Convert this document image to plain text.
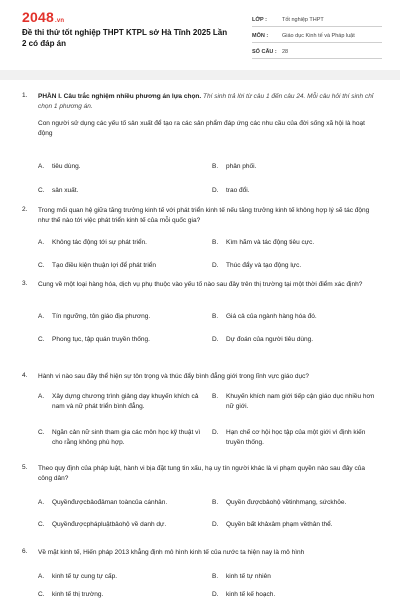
2048.vn
Đề thi thử tốt nghiệp THPT KTPL sở Hà Tĩnh 2025 Lần 2 có đáp án
LỚP :	Tốt nghiệp THPT
MÔN :	Giáo dục Kinh tế và Pháp luật
SỐ CÂU : 28
1. PHẦN I. Câu trắc nghiệm nhiều phương án lựa chọn. Thí sinh trả lời từ câu 1 đến câu 24. Mỗi câu hỏi thí sinh chỉ chọn 1 phương án.
Con người sử dụng các yếu tố sản xuất để tạo ra các sản phẩm đáp ứng các nhu cầu của đời sống xã hội là hoạt động
A. tiêu dùng.	B. phân phối.
C. sản xuất.	D. trao đổi.
2. Trong mối quan hệ giữa tăng trưởng kinh tế với phát triển kinh tế nếu tăng trưởng kinh tế không hợp lý sẽ tác động như thế nào tới việc phát triển kinh tế của mỗi quốc gia?
A. Không tác động tới sự phát triển.	B. Kìm hãm và tác động tiêu cực.
C. Tạo điều kiện thuận lợi để phát triển	D. Thúc đẩy và tạo động lực.
3. Cung về một loại hàng hóa, dịch vụ phụ thuộc vào yếu tố nào sau đây trên thị trường tại một thời điểm xác định?
A. Tín ngưỡng, tôn giáo địa phương.	B. Giá cả của ngành hàng hóa đó.
C. Phong tục, tập quán truyền thống.	D. Dự đoán của người tiêu dùng.
4. Hành vi nào sau đây thể hiện sự tôn trọng và thúc đẩy bình đẳng giới trong lĩnh vực giáo dục?
A. Xây dựng chương trình giảng dạy khuyến khích cả nam và nữ phát triển bình đẳng.
B. Khuyến khích nam giới tiếp cận giáo dục nhiều hơn nữ giới.
C. Ngăn cản nữ sinh tham gia các môn học kỹ thuật vì cho rằng không phù hợp.
D. Hạn chế cơ hội học tập của một giới vì định kiến truyền thống.
5. Theo quy định của pháp luật, hành vi bịa đặt tung tin xấu, hạ uy tín người khác là vi phạm quyền nào sau đây của công dân?
A. Quyềnđượcbảođảman toàncủa cánhân.	B. Quyền đượcbảohộ vềtinhmạng, sứckhỏe.
C. Quyềnđượcphápluậtbảohộ về danh dự.	D. Quyền bất khảxâm phạm vềthân thể.
6. Về mặt kinh tế, Hiến pháp 2013 khẳng định mô hình kinh tế của nước ta hiện nay là mô hình
A. kinh tế tự cung tự cấp.	B. kinh tế tự nhiên
C. kinh tế thị trường.	D. kinh tế kế hoạch.
